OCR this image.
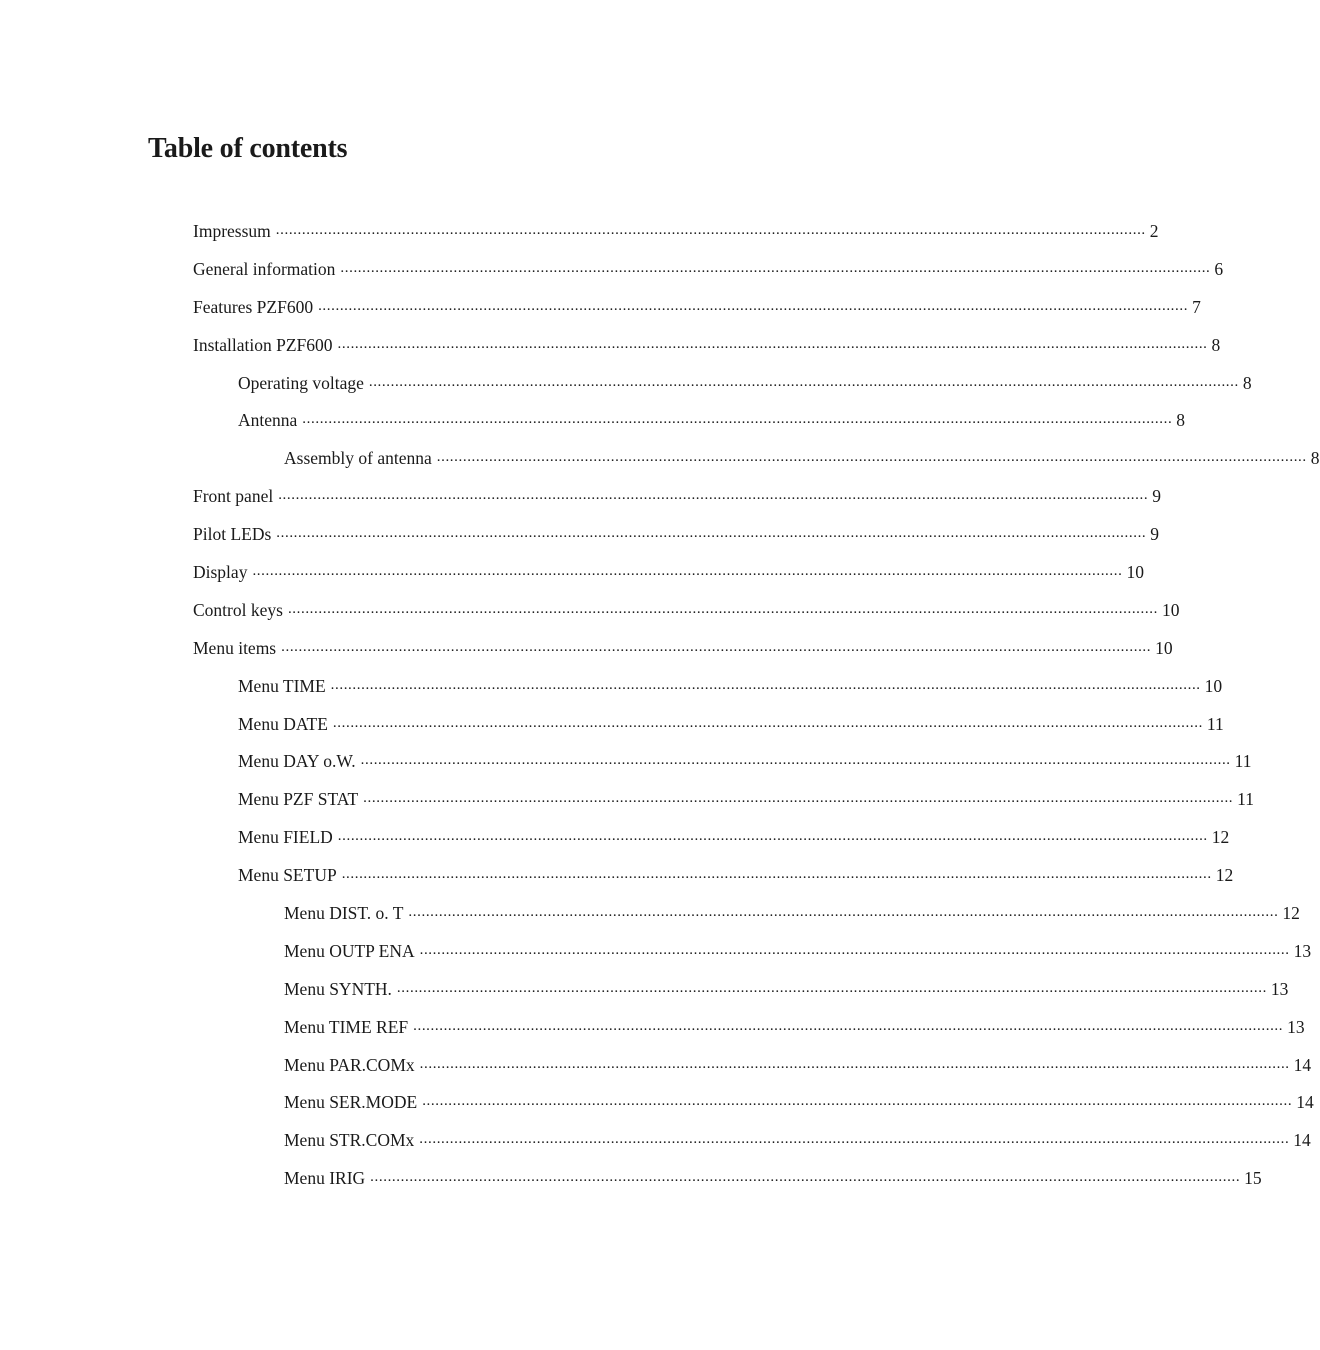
Table of contents
Impressum ........................................................................................................................................................................................................ 2
General information ........................................................................................................................................................................................................ 6
Features PZF600 ........................................................................................................................................................................................................ 7
Installation PZF600 ........................................................................................................................................................................................................ 8
Operating voltage ........................................................................................................................................................................................................ 8
Antenna ........................................................................................................................................................................................................ 8
Assembly of antenna ........................................................................................................................................................................................................ 8
Front panel ........................................................................................................................................................................................................ 9
Pilot LEDs ........................................................................................................................................................................................................ 9
Display ........................................................................................................................................................................................................ 10
Control keys ........................................................................................................................................................................................................ 10
Menu items ........................................................................................................................................................................................................ 10
Menu TIME ........................................................................................................................................................................................................ 10
Menu DATE ........................................................................................................................................................................................................ 11
Menu DAY o.W. ........................................................................................................................................................................................................ 11
Menu PZF STAT ........................................................................................................................................................................................................ 11
Menu FIELD ........................................................................................................................................................................................................ 12
Menu SETUP ........................................................................................................................................................................................................ 12
Menu DIST. o. T ........................................................................................................................................................................................................ 12
Menu OUTP ENA ........................................................................................................................................................................................................ 13
Menu SYNTH. ........................................................................................................................................................................................................ 13
Menu TIME REF ........................................................................................................................................................................................................ 13
Menu PAR.COMx ........................................................................................................................................................................................................ 14
Menu SER.MODE ........................................................................................................................................................................................................ 14
Menu STR.COMx ........................................................................................................................................................................................................ 14
Menu IRIG ........................................................................................................................................................................................................ 15
